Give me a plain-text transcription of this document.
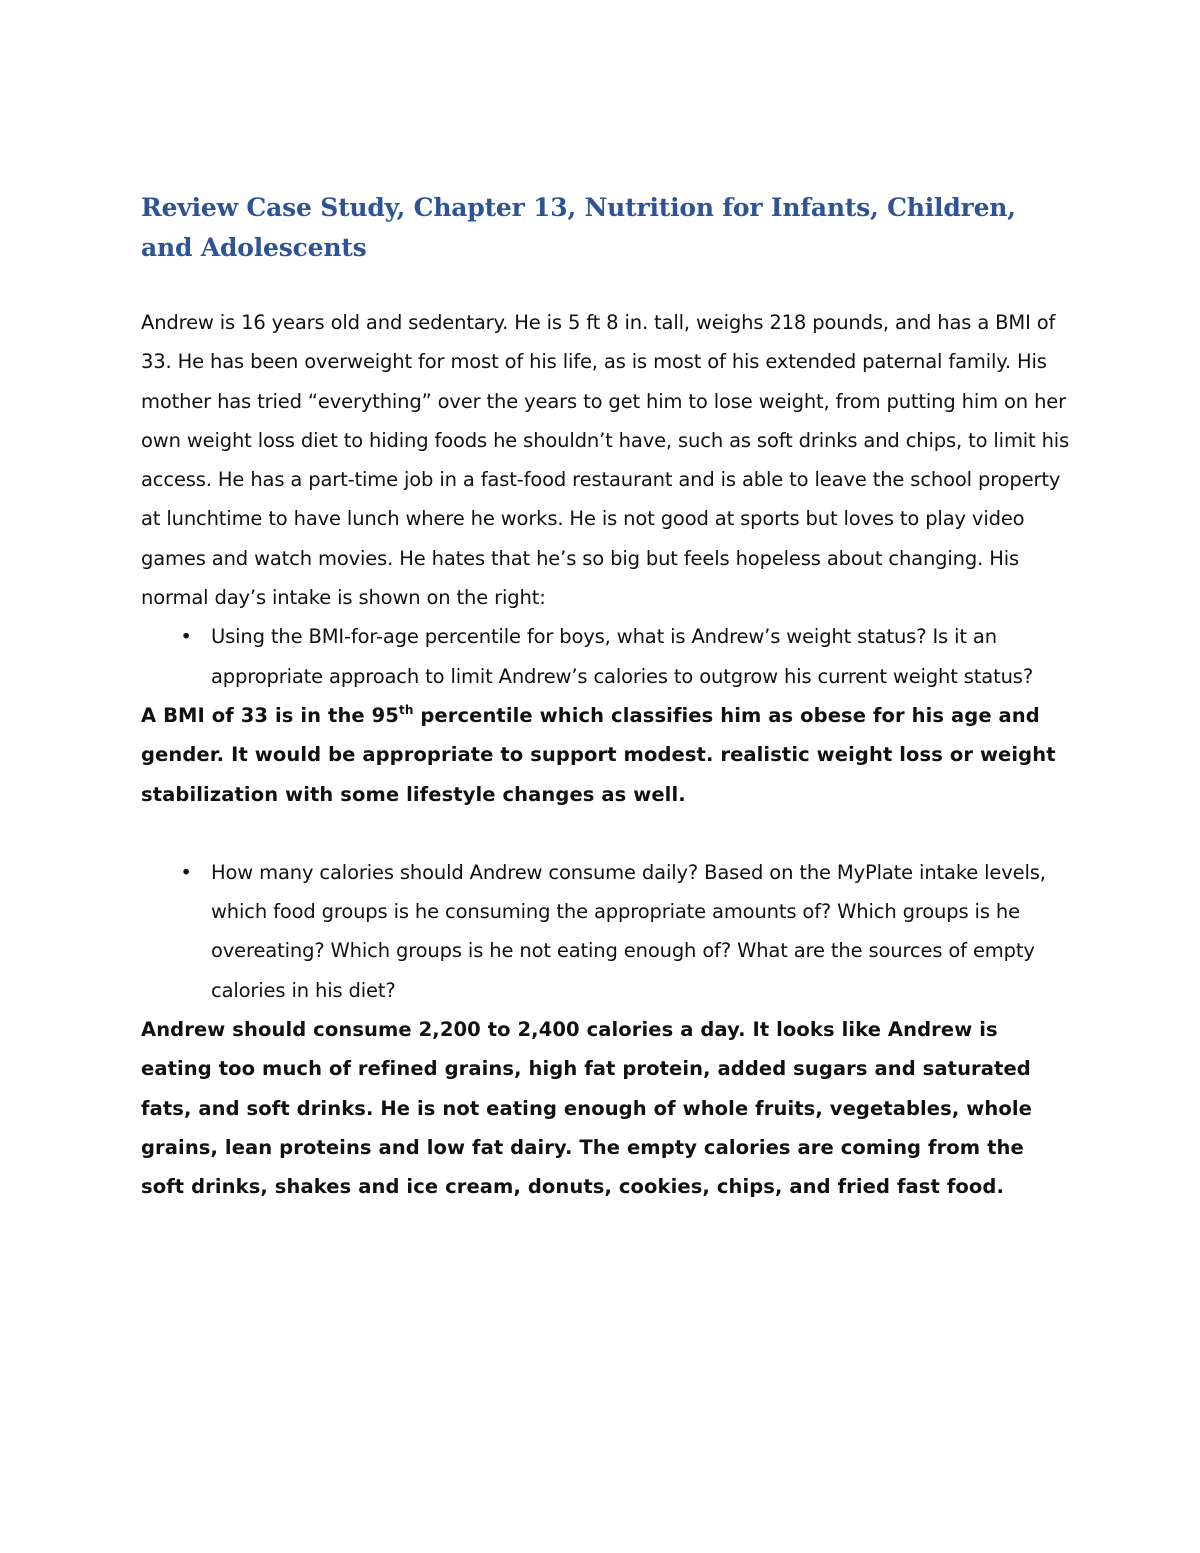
Review Case Study, Chapter 13, Nutrition for Infants, Children, and Adolescents

Andrew is 16 years old and sedentary. He is 5 ft 8 in. tall, weighs 218 pounds, and has a BMI of 33. He has been overweight for most of his life, as is most of his extended paternal family. His mother has tried “everything” over the years to get him to lose weight, from putting him on her own weight loss diet to hiding foods he shouldn’t have, such as soft drinks and chips, to limit his access. He has a part-time job in a fast-food restaurant and is able to leave the school property at lunchtime to have lunch where he works. He is not good at sports but loves to play video games and watch movies. He hates that he’s so big but feels hopeless about changing. His normal day’s intake is shown on the right:

• Using the BMI-for-age percentile for boys, what is Andrew’s weight status? Is it an appropriate approach to limit Andrew’s calories to outgrow his current weight status?

A BMI of 33 is in the 95th percentile which classifies him as obese for his age and gender. It would be appropriate to support modest. realistic weight loss or weight stabilization with some lifestyle changes as well.

• How many calories should Andrew consume daily? Based on the MyPlate intake levels, which food groups is he consuming the appropriate amounts of? Which groups is he overeating? Which groups is he not eating enough of? What are the sources of empty calories in his diet?

Andrew should consume 2,200 to 2,400 calories a day. It looks like Andrew is eating too much of refined grains, high fat protein, added sugars and saturated fats, and soft drinks. He is not eating enough of whole fruits, vegetables, whole grains, lean proteins and low fat dairy. The empty calories are coming from the soft drinks, shakes and ice cream, donuts, cookies, chips, and fried fast food.
